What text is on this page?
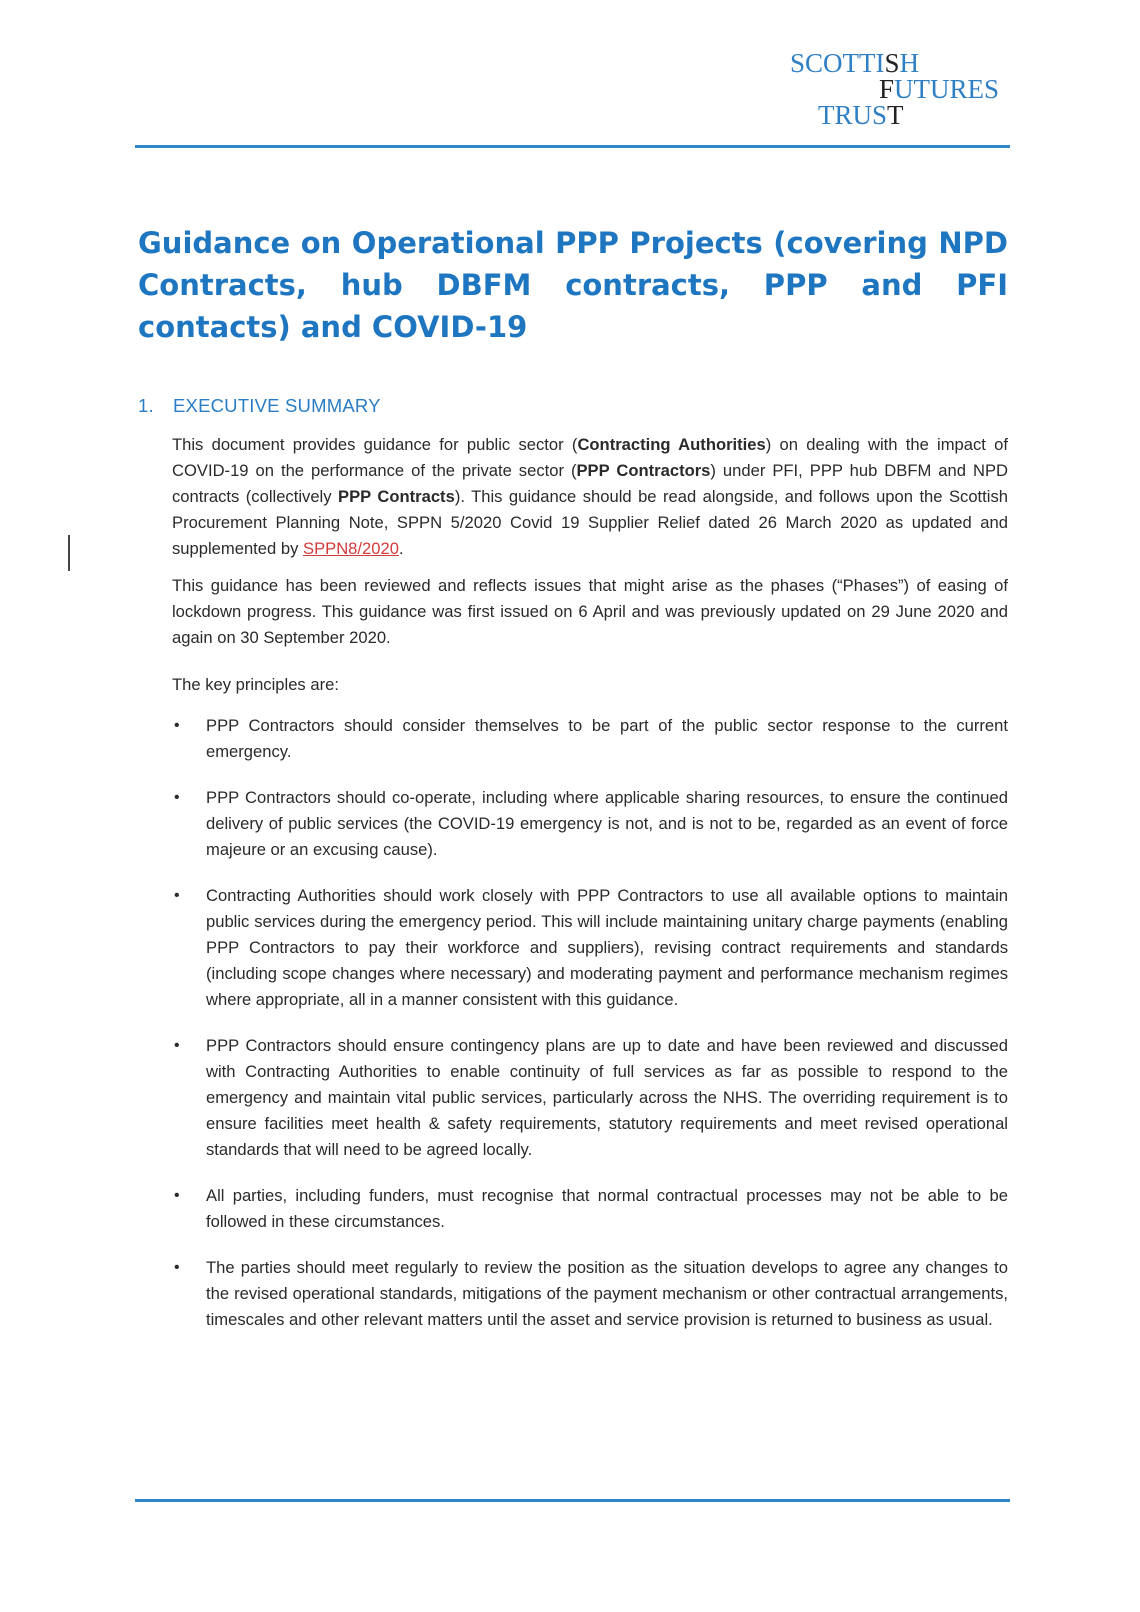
SCOTTISH
FUTURES
TRUST
Guidance on Operational PPP Projects (covering NPD Contracts, hub DBFM contracts, PPP and PFI contacts) and COVID-19
1. EXECUTIVE SUMMARY

This document provides guidance for public sector (Contracting Authorities) on dealing with the impact of COVID-19 on the performance of the private sector (PPP Contractors) under PFI, PPP hub DBFM and NPD contracts (collectively PPP Contracts). This guidance should be read alongside, and follows upon the Scottish Procurement Planning Note, SPPN 5/2020 Covid 19 Supplier Relief dated 26 March 2020 as updated and supplemented by SPPN8/2020.

This guidance has been reviewed and reflects issues that might arise as the phases (“Phases”) of easing of lockdown progress. This guidance was first issued on 6 April and was previously updated on 29 June 2020 and again on 30 September 2020.

The key principles are:

• PPP Contractors should consider themselves to be part of the public sector response to the current emergency.
• PPP Contractors should co-operate, including where applicable sharing resources, to ensure the continued delivery of public services (the COVID-19 emergency is not, and is not to be, regarded as an event of force majeure or an excusing cause).
• Contracting Authorities should work closely with PPP Contractors to use all available options to maintain public services during the emergency period. This will include maintaining unitary charge payments (enabling PPP Contractors to pay their workforce and suppliers), revising contract requirements and standards (including scope changes where necessary) and moderating payment and performance mechanism regimes where appropriate, all in a manner consistent with this guidance.
• PPP Contractors should ensure contingency plans are up to date and have been reviewed and discussed with Contracting Authorities to enable continuity of full services as far as possible to respond to the emergency and maintain vital public services, particularly across the NHS. The overriding requirement is to ensure facilities meet health & safety requirements, statutory requirements and meet revised operational standards that will need to be agreed locally.
• All parties, including funders, must recognise that normal contractual processes may not be able to be followed in these circumstances.
• The parties should meet regularly to review the position as the situation develops to agree any changes to the revised operational standards, mitigations of the payment mechanism or other contractual arrangements, timescales and other relevant matters until the asset and service provision is returned to business as usual.
